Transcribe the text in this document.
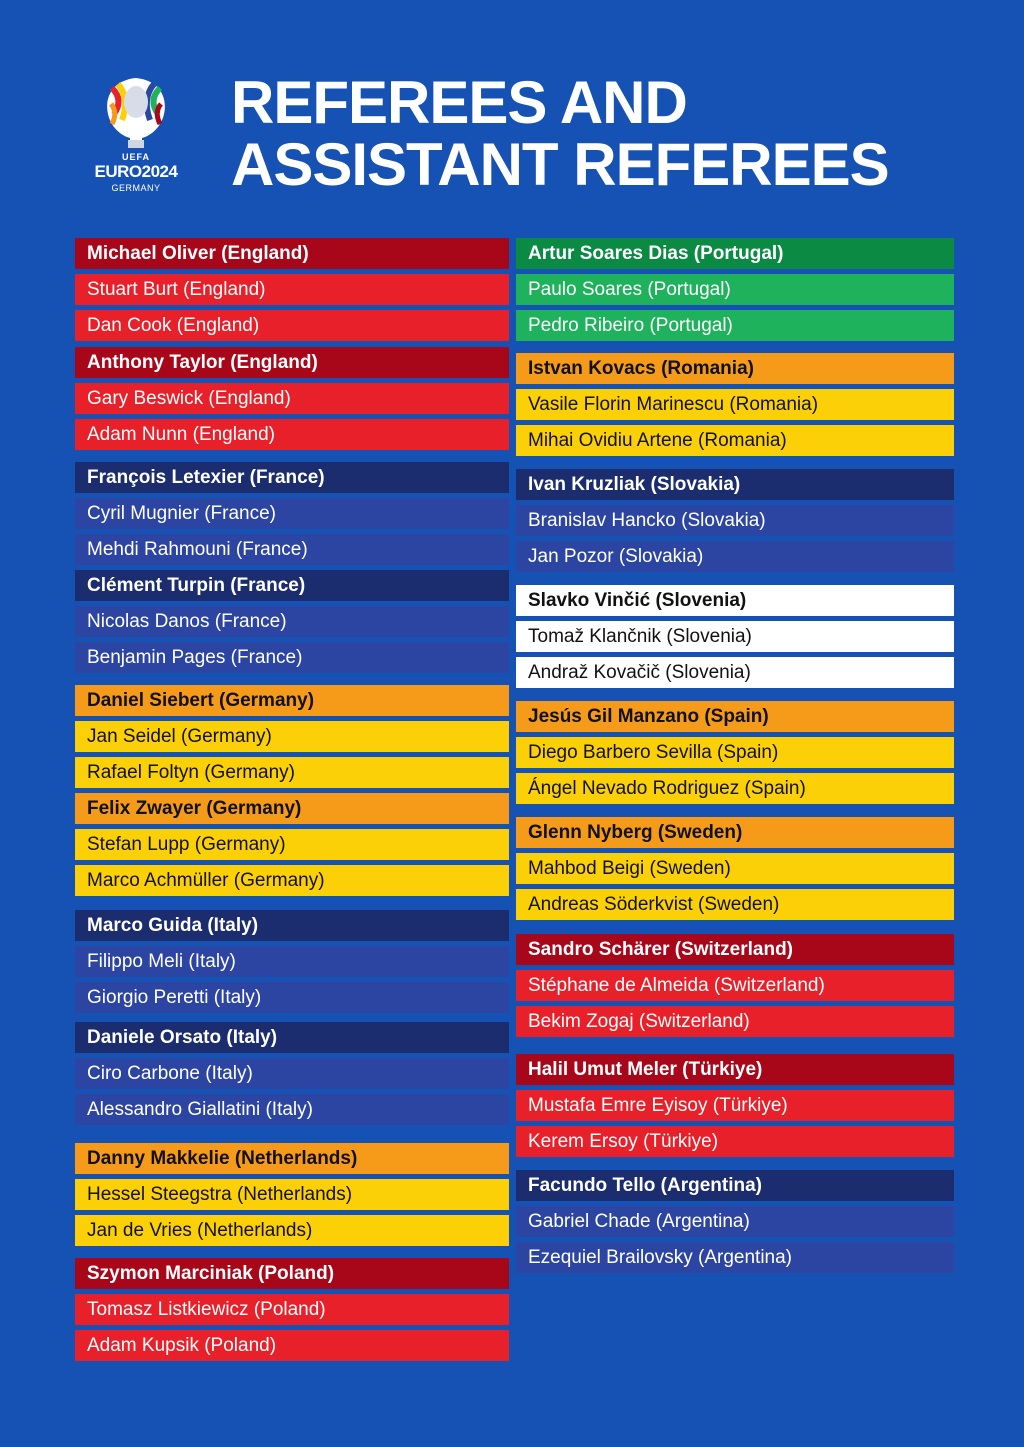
UEFA
EURO2024
GERMANY
REFEREES AND
ASSISTANT REFEREES
Michael Oliver (England)
Stuart Burt (England)
Dan Cook (England)
Anthony Taylor (England)
Gary Beswick (England)
Adam Nunn (England)
François Letexier (France)
Cyril Mugnier (France)
Mehdi Rahmouni (France)
Clément Turpin (France)
Nicolas Danos (France)
Benjamin Pages (France)
Daniel Siebert (Germany)
Jan Seidel (Germany)
Rafael Foltyn (Germany)
Felix Zwayer (Germany)
Stefan Lupp (Germany)
Marco Achmüller (Germany)
Marco Guida (Italy)
Filippo Meli (Italy)
Giorgio Peretti (Italy)
Daniele Orsato (Italy)
Ciro Carbone (Italy)
Alessandro Giallatini (Italy)
Danny Makkelie (Netherlands)
Hessel Steegstra (Netherlands)
Jan de Vries (Netherlands)
Szymon Marciniak (Poland)
Tomasz Listkiewicz (Poland)
Adam Kupsik (Poland)
Artur Soares Dias (Portugal)
Paulo Soares (Portugal)
Pedro Ribeiro (Portugal)
Istvan Kovacs (Romania)
Vasile Florin Marinescu (Romania)
Mihai Ovidiu Artene (Romania)
Ivan Kruzliak (Slovakia)
Branislav Hancko (Slovakia)
Jan Pozor (Slovakia)
Slavko Vinčić (Slovenia)
Tomaž Klančnik (Slovenia)
Andraž Kovačič (Slovenia)
Jesús Gil Manzano (Spain)
Diego Barbero Sevilla (Spain)
Ángel Nevado Rodriguez (Spain)
Glenn Nyberg (Sweden)
Mahbod Beigi (Sweden)
Andreas Söderkvist (Sweden)
Sandro Schärer (Switzerland)
Stéphane de Almeida (Switzerland)
Bekim Zogaj (Switzerland)
Halil Umut Meler (Türkiye)
Mustafa Emre Eyisoy (Türkiye)
Kerem Ersoy (Türkiye)
Facundo Tello (Argentina)
Gabriel Chade (Argentina)
Ezequiel Brailovsky (Argentina)
